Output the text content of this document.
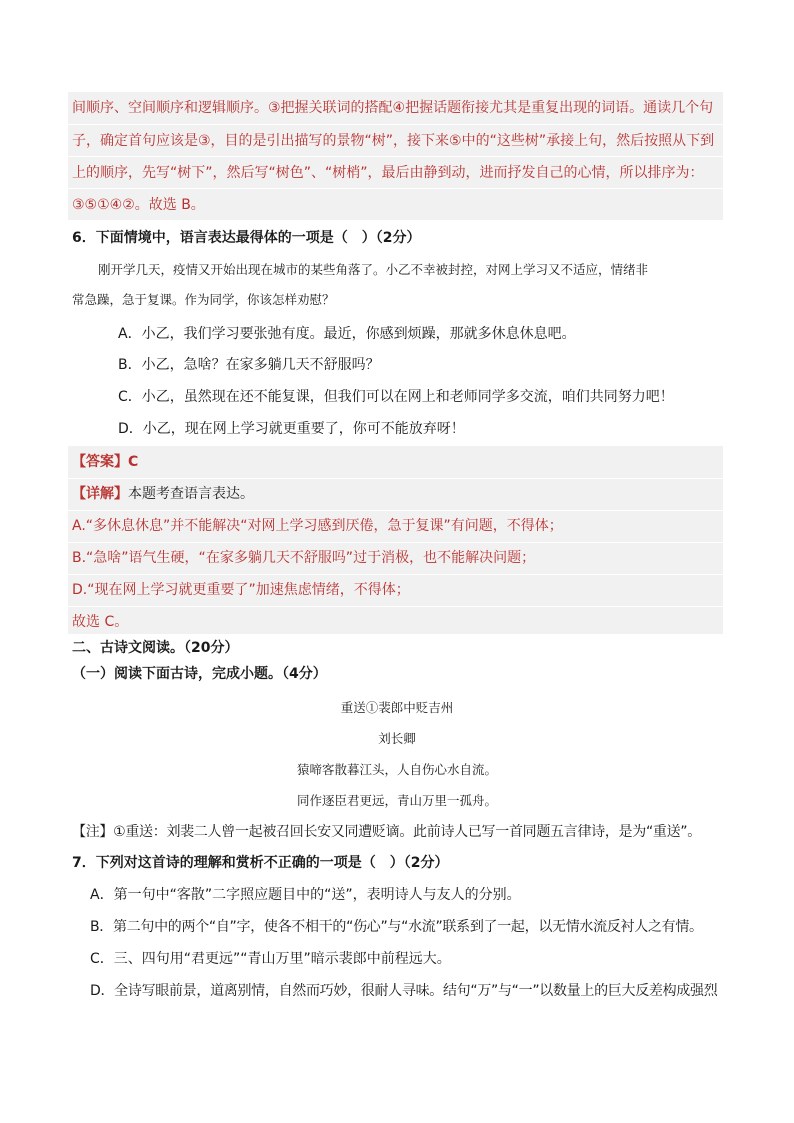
间顺序、空间顺序和逻辑顺序。③把握关联词的搭配④把握话题衔接尤其是重复出现的词语。通读几个句
子，确定首句应该是③，目的是引出描写的景物“树”，接下来⑤中的“这些树”承接上句，然后按照从下到
上的顺序，先写“树下”，然后写“树色”、“树梢”，最后由静到动，进而抒发自己的心情，所以排序为：
③⑤①④②。故选 B。
6．下面情境中，语言表达最得体的一项是（　）（2分）
刚开学几天，疫情又开始出现在城市的某些角落了。小乙不幸被封控，对网上学习又不适应，情绪非
常急躁，急于复课。作为同学，你该怎样劝慰？
A．小乙，我们学习要张弛有度。最近，你感到烦躁，那就多休息休息吧。
B．小乙，急啥？在家多躺几天不舒服吗？
C．小乙，虽然现在还不能复课，但我们可以在网上和老师同学多交流，咱们共同努力吧！
D．小乙，现在网上学习就更重要了，你可不能放弃呀！
【答案】C
【详解】本题考查语言表达。
A.“多休息休息”并不能解决“对网上学习感到厌倦，急于复课”有问题，不得体；
B.“急啥”语气生硬，“在家多躺几天不舒服吗”过于消极，也不能解决问题；
D.“现在网上学习就更重要了”加速焦虑情绪，不得体；
故选 C。
二、古诗文阅读。（20分）
（一）阅读下面古诗，完成小题。（4分）
重送①裴郎中贬吉州
刘长卿
猿啼客散暮江头，人自伤心水自流。
同作逐臣君更远，青山万里一孤舟。
【注】①重送：刘裴二人曾一起被召回长安又同遭贬谪。此前诗人已写一首同题五言律诗，是为“重送”。
7．下列对这首诗的理解和赏析不正确的一项是（　）（2分）
A．第一句中“客散”二字照应题目中的“送”，表明诗人与友人的分别。
B．第二句中的两个“自”字，使各不相干的“伤心”与“水流”联系到了一起，以无情水流反衬人之有情。
C．三、四句用“君更远”“青山万里”暗示裴郎中前程远大。
D．全诗写眼前景，道离别情，自然而巧妙，很耐人寻味。结句“万”与“一”以数量上的巨大反差构成强烈
